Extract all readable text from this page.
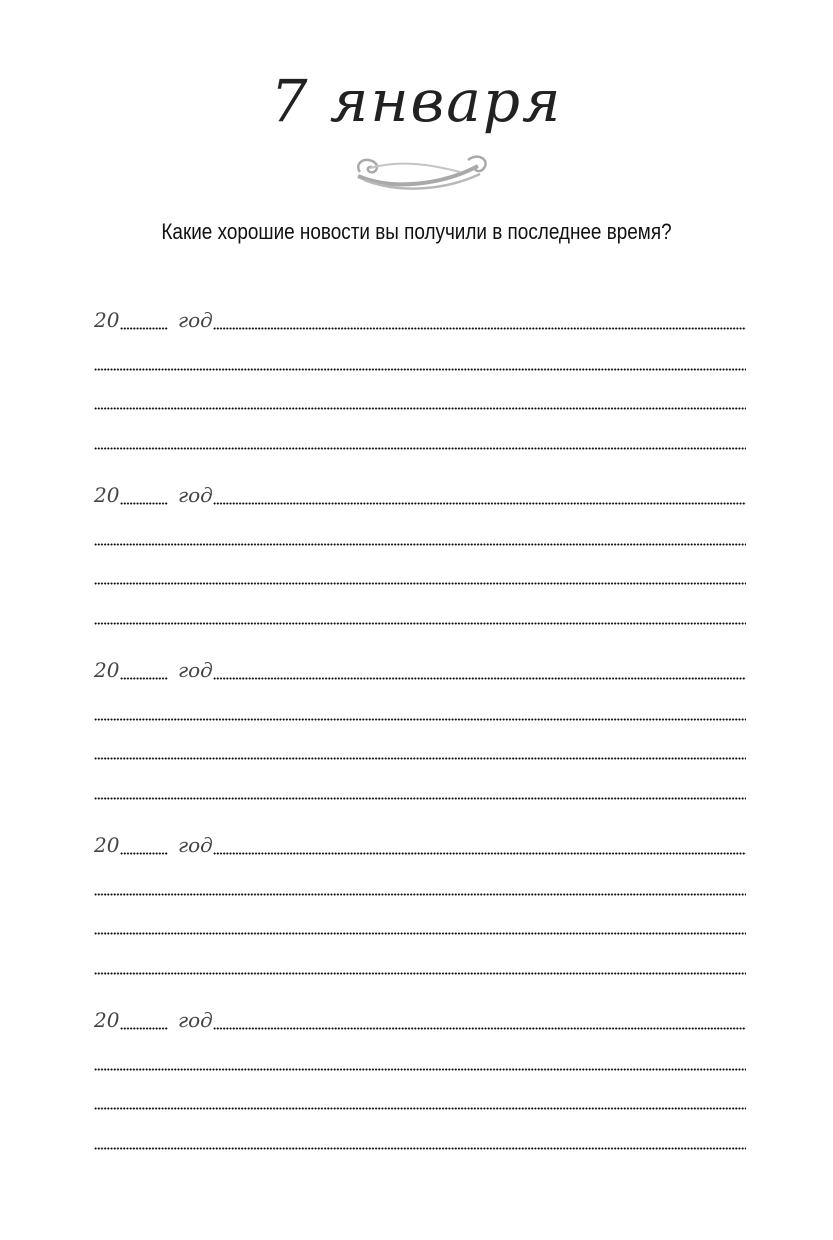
7 января
Какие хорошие новости вы получили в последнее время?
20	год
20	год
20	год
20	год
20	год
